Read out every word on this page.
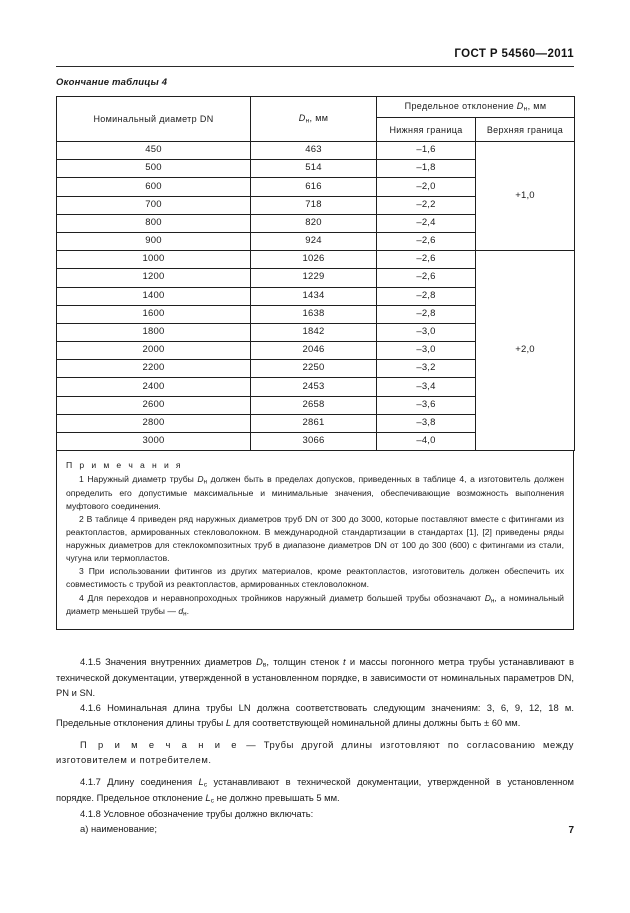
ГОСТ Р 54560—2011
Окончание таблицы 4
Номинальный диаметр DN	$D_н$, мм	Предельное отклонение $D_н$, мм	
		Нижняя граница	Верхняя граница
450	463	–1,6	+1,0
500	514	–1,8	
600	616	–2,0	
700	718	–2,2	
800	820	–2,4	
900	924	–2,6	
1000	1026	–2,6	+2,0
1200	1229	–2,6	
1400	1434	–2,8	
1600	1638	–2,8	
1800	1842	–3,0	
2000	2046	–3,0	
2200	2250	–3,2	
2400	2453	–3,4	
2600	2658	–3,6	
2800	2861	–3,8	
3000	3066	–4,0	
П р и м е ч а н и я
1 Наружный диаметр трубы $D_н$ должен быть в пределах допусков, приведенных в таблице 4, а изготовитель должен определить его допустимые максимальные и минимальные значения, обеспечивающие возможность выполнения муфтового соединения.
2 В таблице 4 приведен ряд наружных диаметров труб DN от 300 до 3000, которые поставляют вместе с фитингами из реактопластов, армированных стекловолокном. В международной стандартизации в стандартах [1], [2] приведены ряды наружных диаметров для стеклокомпозитных труб в диапазоне диаметров DN от 100 до 300 (600) с фитингами из стали, чугуна или термопластов.
3 При использовании фитингов из других материалов, кроме реактопластов, изготовитель должен обеспечить их совместимость с трубой из реактопластов, армированных стекловолокном.
4 Для переходов и неравнопроходных тройников наружный диаметр большей трубы обозначают $D_н$, а номинальный диаметр меньшей трубы — $d_н$.

4.1.5 Значения внутренних диаметров $D_в$, толщин стенок t и массы погонного метра трубы устанавливают в технической документации, утвержденной в установленном порядке, в зависимости от номинальных параметров DN, PN и SN.

4.1.6 Номинальная длина трубы LN должна соответствовать следующим значениям: 3, 6, 9, 12, 18 м. Предельные отклонения длины трубы L для соответствующей номинальной длины должны быть ± 60 мм.

П р и м е ч а н и е — Трубы другой длины изготовляют по согласованию между изготовителем и потребителем.

4.1.7 Длину соединения $L_с$ устанавливают в технической документации, утвержденной в установленном порядке. Предельное отклонение $L_с$ не должно превышать 5 мм.

4.1.8 Условное обозначение трубы должно включать:

а) наименование;	7
